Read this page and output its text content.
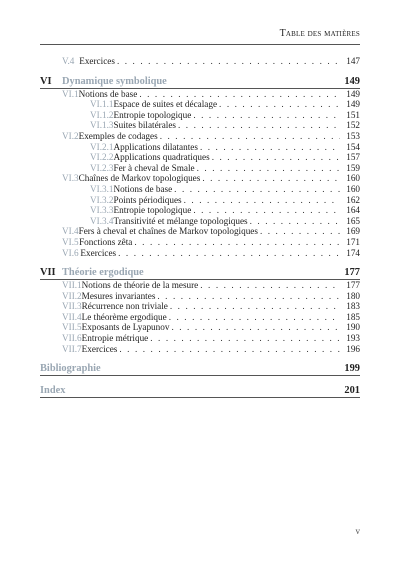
Table des matières
V.4 Exercices . . .	147
VI	Dynamique symbolique	149
VI.1 Notions de base . . .	149
VI.1.1 Espace de suites et décalage . . .	149
VI.1.2 Entropie topologique . . .	151
VI.1.3 Suites bilatérales . . .	152
VI.2 Exemples de codages . . .	153
VI.2.1 Applications dilatantes . . .	154
VI.2.2 Applications quadratiques . . .	157
VI.2.3 Fer à cheval de Smale . . .	159
VI.3 Chaînes de Markov topologiques . . .	160
VI.3.1 Notions de base . . .	160
VI.3.2 Points périodiques . . .	162
VI.3.3 Entropie topologique . . .	164
VI.3.4 Transitivité et mélange topologiques . . .	165
VI.4 Fers à cheval et chaînes de Markov topologiques . . .	169
VI.5 Fonctions zêta . . .	171
VI.6 Exercices . . .	174
VII Théorie ergodique	177
VII.1 Notions de théorie de la mesure . . .	177
VII.2 Mesures invariantes . . .	180
VII.3 Récurrence non triviale . . .	183
VII.4 Le théorème ergodique . . .	185
VII.5 Exposants de Lyapunov . . .	190
VII.6 Entropie métrique . . .	193
VII.7 Exercices . . .	196
Bibliographie	199
Index	201
v
